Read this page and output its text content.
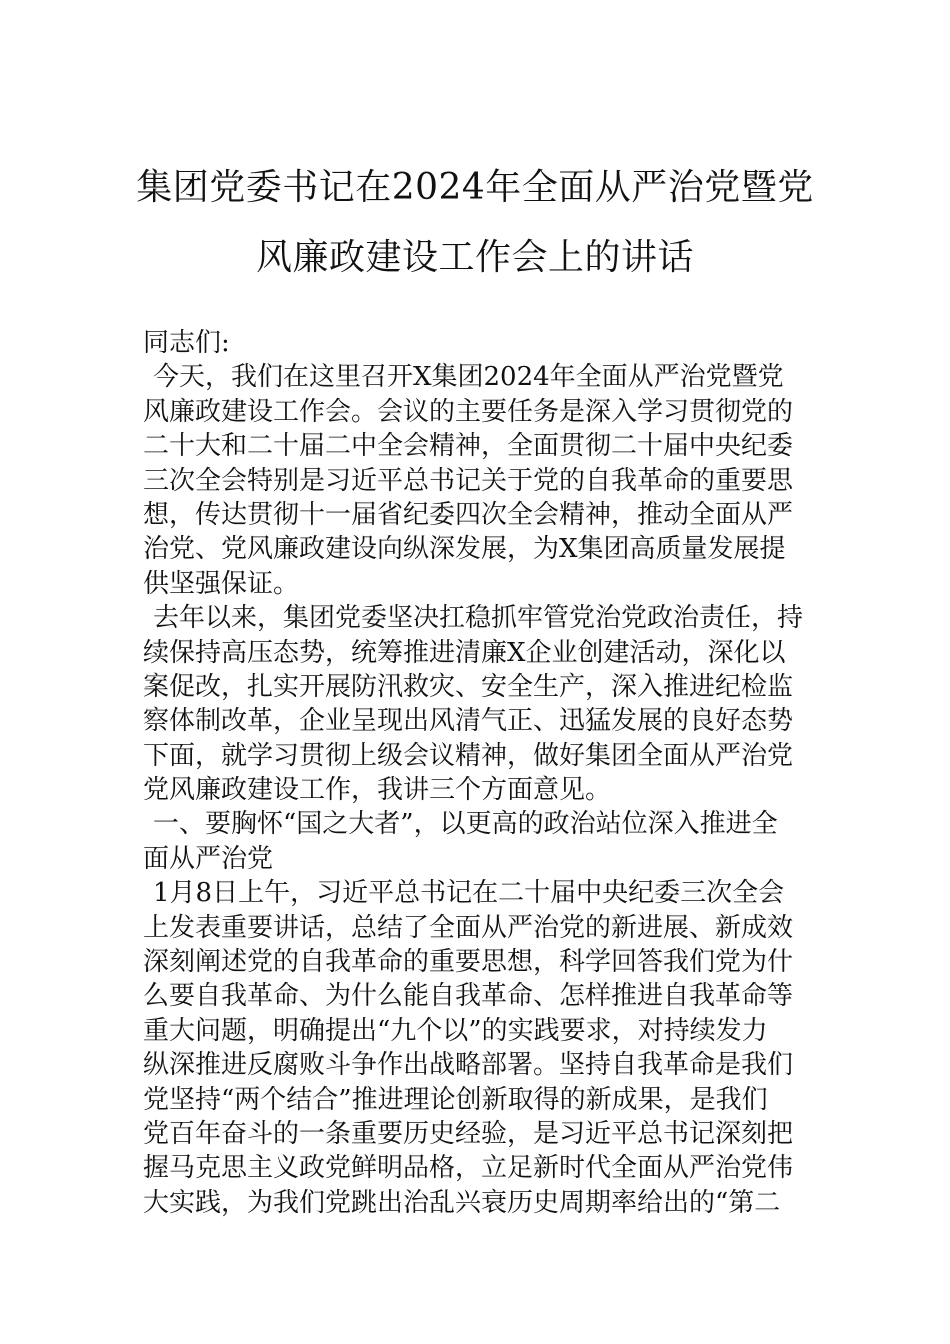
集团党委书记在2024年全面从严治党暨党
风廉政建设工作会上的讲话
同志们:
今天，我们在这里召开X集团2024年全面从严治党暨党
风廉政建设工作会。会议的主要任务是深入学习贯彻党的
二十大和二十届二中全会精神，全面贯彻二十届中央纪委
三次全会特别是习近平总书记关于党的自我革命的重要思
想，传达贯彻十一届省纪委四次全会精神，推动全面从严
治党、党风廉政建设向纵深发展，为X集团高质量发展提
供坚强保证。
去年以来，集团党委坚决扛稳抓牢管党治党政治责任，持
续保持高压态势，统筹推进清廉X企业创建活动，深化以
案促改，扎实开展防汛救灾、安全生产，深入推进纪检监
察体制改革，企业呈现出风清气正、迅猛发展的良好态势
下面，就学习贯彻上级会议精神，做好集团全面从严治党
党风廉政建设工作，我讲三个方面意见。
一、要胸怀“国之大者”，以更高的政治站位深入推进全
面从严治党
1月8日上午，习近平总书记在二十届中央纪委三次全会
上发表重要讲话，总结了全面从严治党的新进展、新成效
深刻阐述党的自我革命的重要思想，科学回答我们党为什
么要自我革命、为什么能自我革命、怎样推进自我革命等
重大问题，明确提出“九个以”的实践要求，对持续发力
纵深推进反腐败斗争作出战略部署。坚持自我革命是我们
党坚持“两个结合”推进理论创新取得的新成果，是我们
党百年奋斗的一条重要历史经验，是习近平总书记深刻把
握马克思主义政党鲜明品格，立足新时代全面从严治党伟
大实践，为我们党跳出治乱兴衰历史周期率给出的“第二
